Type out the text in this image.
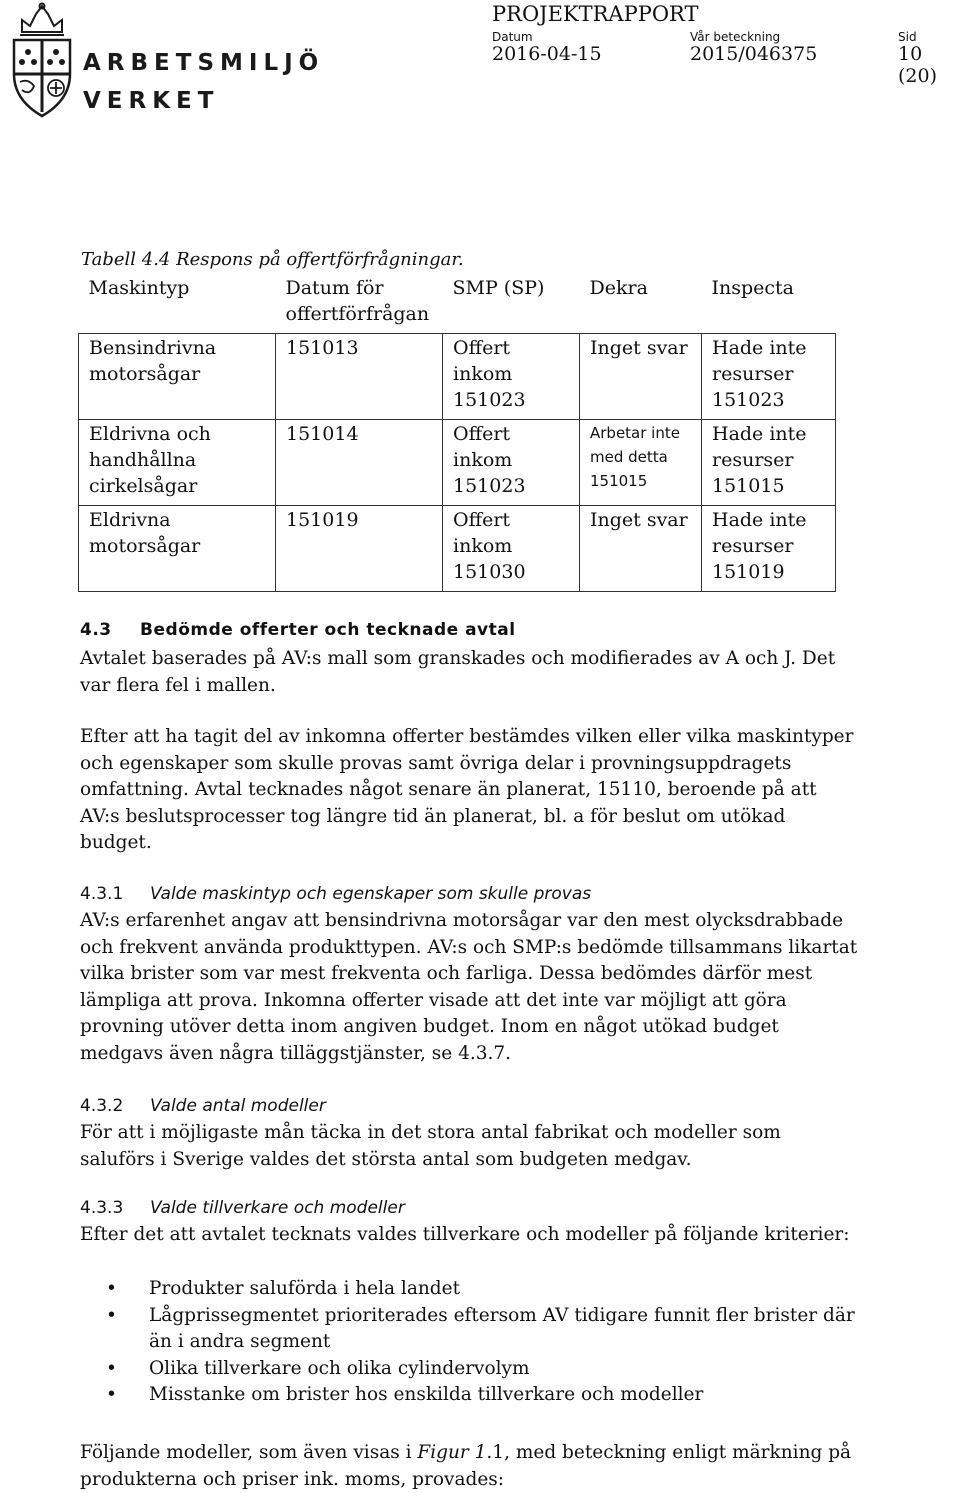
ARBETSMILJÖ
VERKET
PROJEKTRAPPORT
Datum	Vår beteckning	Sid
2016-04-15	2015/046375	10 (20)
Tabell 4.4 Respons på offertförfrågningar.
Maskintyp	Datum för offertförfrågan	SMP (SP)	Dekra	Inspecta
Bensindrivna motorsågar	151013	Offert inkom 151023	Inget svar	Hade inte resurser 151023
Eldrivna och handhållna cirkelsågar	151014	Offert inkom 151023	Arbetar inte med detta 151015	Hade inte resurser 151015
Eldrivna motorsågar	151019	Offert inkom 151030	Inget svar	Hade inte resurser 151019
4.3 Bedömde offerter och tecknade avtal

Avtalet baserades på AV:s mall som granskades och modifierades av A och J. Det var flera fel i mallen.

Efter att ha tagit del av inkomna offerter bestämdes vilken eller vilka maskintyper och egenskaper som skulle provas samt övriga delar i provningsuppdragets omfattning. Avtal tecknades något senare än planerat, 15110, beroende på att AV:s beslutsprocesser tog längre tid än planerat, bl. a för beslut om utökad budget.

4.3.1 Valde maskintyp och egenskaper som skulle provas

AV:s erfarenhet angav att bensindrivna motorsågar var den mest olycksdrabbade och frekvent använda produkttypen. AV:s och SMP:s bedömde tillsammans likartat vilka brister som var mest frekventa och farliga. Dessa bedömdes därför mest lämpliga att prova. Inkomna offerter visade att det inte var möjligt att göra provning utöver detta inom angiven budget. Inom en något utökad budget medgavs även några tilläggstjänster, se 4.3.7.

4.3.2 Valde antal modeller

För att i möjligaste mån täcka in det stora antal fabrikat och modeller som saluförs i Sverige valdes det största antal som budgeten medgav.

4.3.3 Valde tillverkare och modeller

Efter det att avtalet tecknats valdes tillverkare och modeller på följande kriterier:

• Produkter saluförda i hela landet
• Lågprissegmentet prioriterades eftersom AV tidigare funnit fler brister där än i andra segment
• Olika tillverkare och olika cylindervolym
• Misstanke om brister hos enskilda tillverkare och modeller

Följande modeller, som även visas i Figur 1.1, med beteckning enligt märkning på produkterna och priser ink. moms, provades:
